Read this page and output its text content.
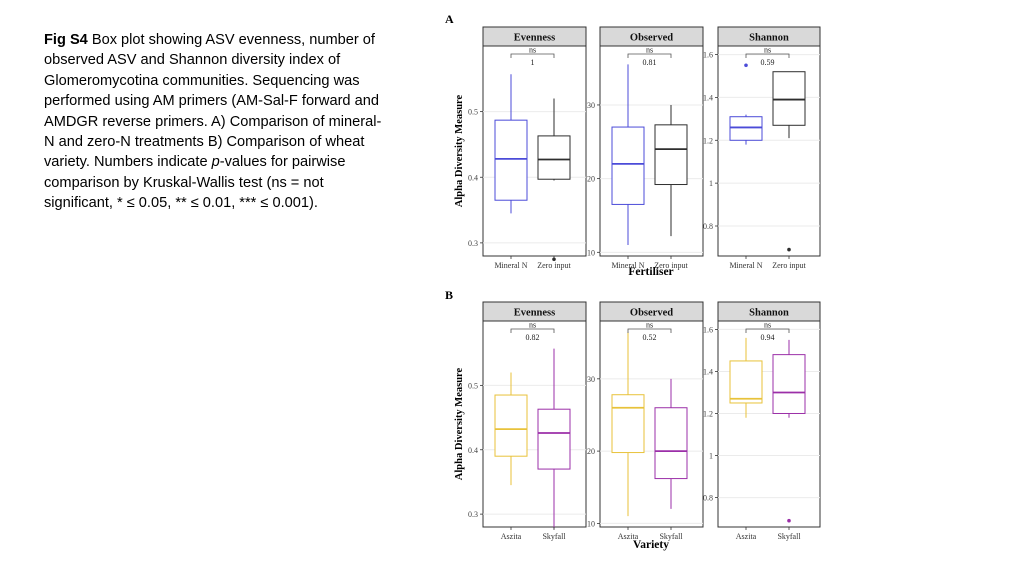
Fig S4 Box plot showing ASV evenness, number of observed ASV and Shannon diversity index of Glomeromycotina communities. Sequencing was performed using AM primers (AM-Sal-F forward and AMDGR reverse primers. A) Comparison of mineral-N and zero-N treatments B) Comparison of wheat variety. Numbers indicate p-values for pairwise comparison by Kruskal-Wallis test (ns = not significant, * ≤ 0.05, ** ≤ 0.01, *** ≤ 0.001).
A
Alpha Diversity Measure
Fertiliser
Evenness
0.3
0.4
0.5
Mineral N Zero input
ns
1
Observed
10
20
30
Mineral N Zero input
ns
0.81
Shannon
0.8
1
1.2
1.4
1.6
Mineral N Zero input
ns
0.59
B
Alpha Diversity Measure
Variety
Evenness
0.3
0.4
0.5
Aszita	Skyfall
ns
0.82
Observed
10
20
30
Aszita	Skyfall
ns
0.52
Shannon
0.8
1
1.2
1.4
1.6
Aszita	Skyfall
ns
0.94
